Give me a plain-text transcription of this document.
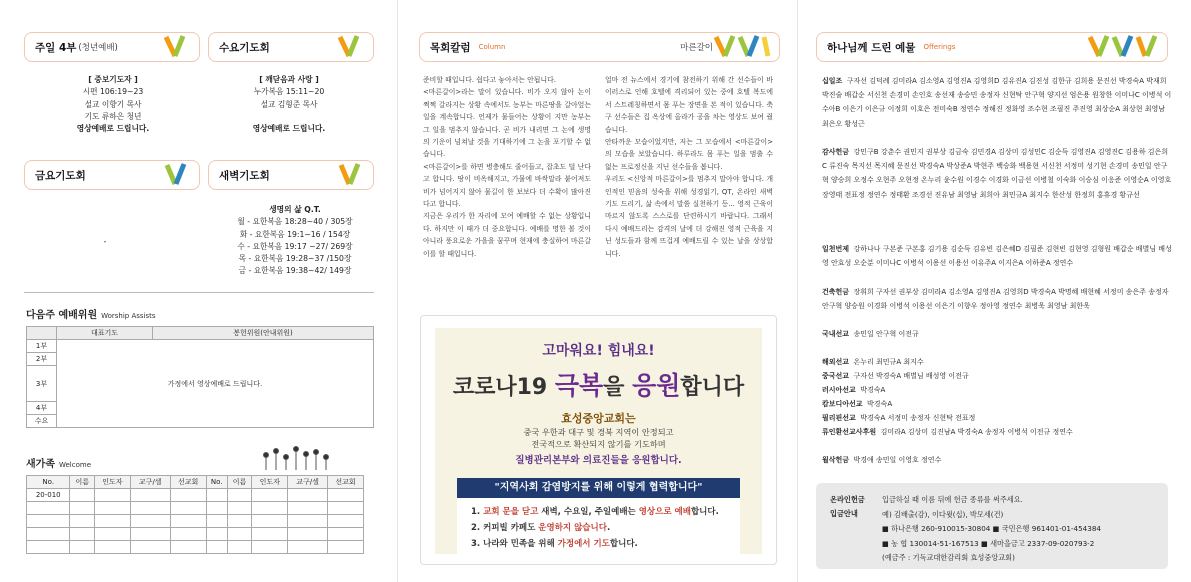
주일 4부 (청년예배)	수요기도회
[ 중보기도자 ]
시편 106:19~23
설교 이향기 목사
기도 류하은 청년
영상예배로 드립니다.
[ 깨닫음과 사랑 ]
누가복음 15:11~20
설교 김형준 목사
영상예배로 드립니다.
금요기도회	새벽기도회
-
생명의 삶 Q.T.
월 - 요한복음 18:28~40 / 305장
화 - 요한복음 19:1~16 / 154장
수 - 요한복음 19:17 ~27/ 269장
목 - 요한복음 19:28~37 /150장
금 - 요한복음 19:38~42/ 149장
다음주 예배위원 Worship Assists
	대표기도	봉헌위원(안내위원)
1부	가정에서 영상예배로 드립니다.	
2부		
3부		
4부		
수요		
새가족 Welcome
No.	이름	인도자	교구/셀	선교회	No.	이름	인도자	교구/셀	선교회
20-010									

목회칼럼 Column	마른갈이
준비할 때입니다. 쉽다고 놓아서는 안됩니다.
<마른갈이>라는 말이 있습니다. 비가 오지 않아 논이 쩍쩍 갈라지는 상황 속에서도 농부는 마른땅을 갈아엎는 일을 계속합니다. 언제가 물들어는 상황이 지만 농부는 그 일을 멈추지 않습니다. 곧 비가 내리면 그 논에 생명의 기운이 넘쳐날 것을 기대하기에 그 논을 포기할 수 없습니다.
<마른갈이>를 하면 병충해도 줄어들고, 잡초도 덜 난다고 합니다. 땅이 비옥해지고, 가물에 바싹말라 붙어져도 비가 넘어지지 않아 물길이 한 보보다 더 수확이 많아진다고 합니다.
지금은 우리가 한 자리에 모여 예배할 수 없는 상황입니다. 하지만 이 때가 더 중요합니다. 예배를 명한 볼 것이 아니라 풍요로운 가을을 꿈꾸며 현재에 충실하여 마른갈이를 할 때입니다.
얼마 전 뉴스에서 경기에 참전하기 위해 간 선수들이 바이러스로 인해 호텔에 격리되어 있는 중에 호텔 복도에서 스트레칭하면서 몸 푸는 장면을 본 적이 있습니다. 축구 선수들은 집 옥상에 올라가 공을 차는 영상도 보여 줬습니다.
안타까운 모습이었지만, 저는 그 모습에서 <마른갈이>의 모습을 보았습니다. 하루라도 몸 푸는 일을 멈출 수 없는 프로정신을 지닌 선수들을 봅니다.
우리도 <신앙적 마른갈이>를 멈추지 말아야 합니다. 개인적인 믿음의 성숙을 위해 성경읽기, QT, 온라인 새벽기도 드리기, 삶 속에서 말씀 실천하기 등... 영적 근육이 마르지 않도록 스스로를 단련하시기 바랍니다. 그래서 다시 예배드리는 감격의 날에 더 강해진 영적 근육을 지닌 성도들과 함께 뜨겁게 예배드릴 수 있는 날을 상상합니다.
고마워요! 힘내요!
코로나19 극복을 응원합니다
효성중앙교회는
중국 우한과 대구 및 경북 지역이 안정되고
전국적으로 확산되지 않기를 기도하며
질병관리본부와 의료진들을 응원합니다.
"지역사회 감염방지를 위해 이렇게 협력합니다"
1. 교회 문을 닫고 새벽, 수요일, 주일예배는 영상으로 예배합니다.
2. 커피빌 카페도 운영하지 않습니다.
3. 나라와 민족을 위해 가정에서 기도합니다.
하나님께 드린 예물 Offerings
십일조 구자선 김덕례 김미라A 김소영A 김영진A 김영희D 김유진A 김진성 김한규 김희용 문진선 박경숙A 박재희 박진술 배갑순 서신천 손경미 손인호 송선재 송승민 송정자 신현탁 안구혁 양지선 엄은용 원창한 이미나C 이병석 이수아B 이은기 이은규 이정희 이호은 전미숙B 정연수 정해진 정화영 조수현 조필진 주진영 최상순A 최상현 최영남 최은오 황성근
감사헌금 강민구B 강춘수 권민지 권부상 김금숙 김민경A 김상미 김성민C 김순득 김영진A 김영진C 김용하 김은희C 류진숙 목지선 목지혜 문진선 박경숙A 박상준A 박현주 백승화 백용현 서신천 서정미 성기현 손경미 송민일 안구혁 양승희 오정수 오현주 오현정 온누리 윤수원 이경수 이경화 이금선 이병철 이숙화 이승심 이응준 이영순A 이영호 장영태 전표정 정연수 정태환 조경선 진유남 최영남 최희아 최민규A 최지수 한산성 한정희 홍휴경 황규선
일천번제 강하나나 구본준 구본홍 김기용 김순득 김유빈 김은혜D 김필준 김현빈 김현영 김형원 배갑순 배별님 배성영 안효성 오순분 이미나C 이병석 이용선 이용선 이유주A 이지은A 이하준A 정연수
건축헌금 장휘희 구자선 권부상 김미라A 김소영A 김영진A 김영희D 박경숙A 박명혜 배현혜 서정미 송은주 송정자 안구혁 양승원 이경화 이병석 이용선 이은기 이향우 정아영 정연수 최병욱 최영남 최한욱
국내선교 송민일 안구혁 이전규
해외선교 온누리 최민규A 최지수
중국선교 구자선 박경숙A 배별님 배성영 이전규
러시아선교 박경숙A
캄보디아선교 박경숙A
필리핀선교 박경숙A 서정미 송정자 신현탁 전표정
류인환선교사후원 김미라A 김상미 김진남A 박경숙A 송정자 이병석 이전규 정연수
월삭헌금 박경애 송민일 이영호 정연수
온라인헌금
입금안내
입금하실 때 이름 뒤에 헌금 종류를 써주세요.
예) 김배출(감), 이다윗(십), 박모세(건)
■ 하나은행 260-910015-30804 ■ 국민은행 961401-01-454384
■ 농 협 130014-51-167513 ■ 새마을금고 2337-09-020793-2
(예금주 : 기독교대한감리회 효성중앙교회)
